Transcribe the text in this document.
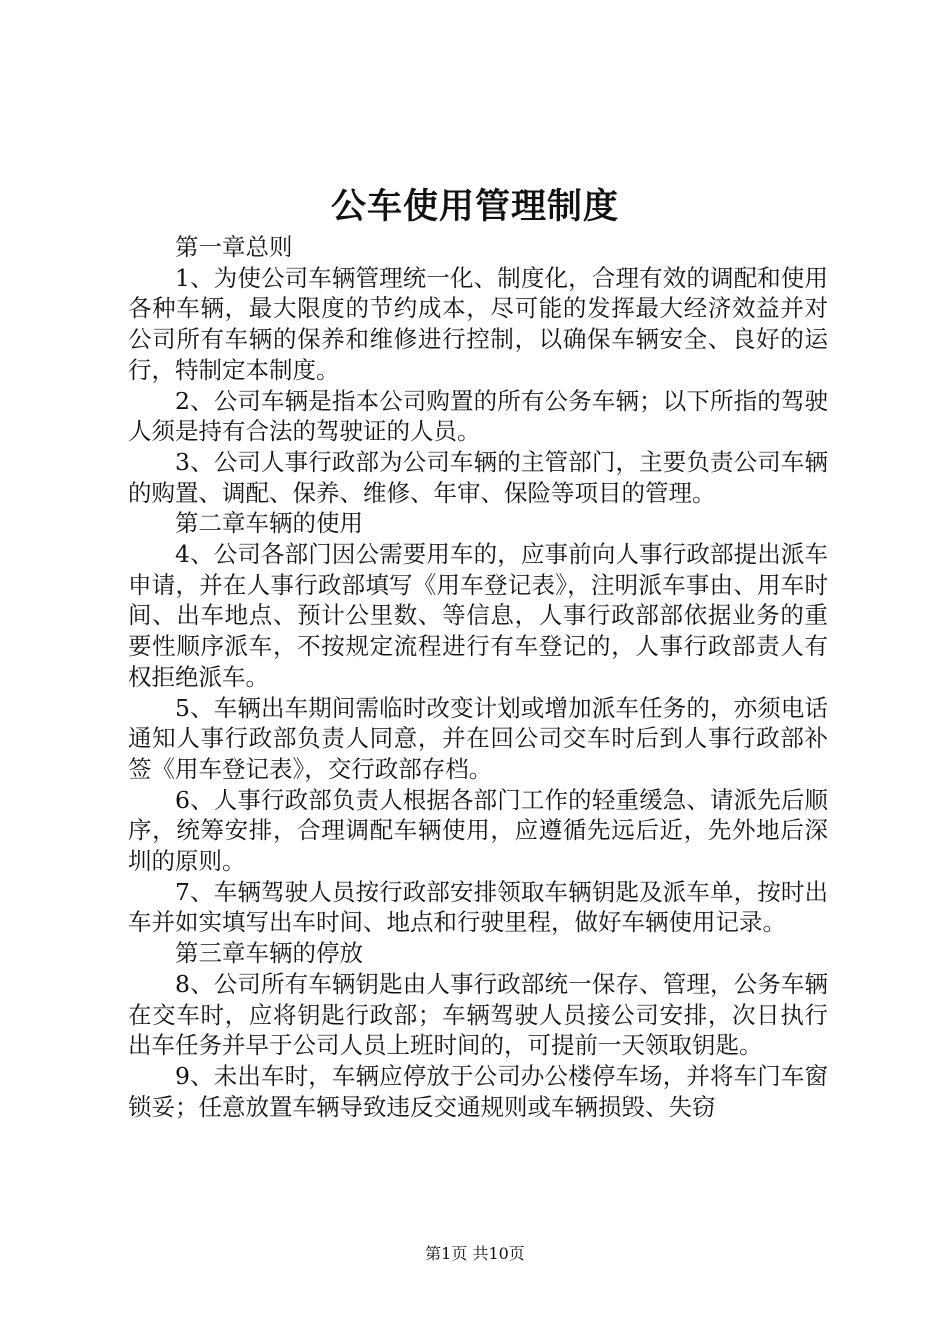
公车使用管理制度

第一章总则

1、为使公司车辆管理统一化、制度化，合理有效的调配和使用各种车辆，最大限度的节约成本，尽可能的发挥最大经济效益并对公司所有车辆的保养和维修进行控制，以确保车辆安全、良好的运行，特制定本制度。

2、公司车辆是指本公司购置的所有公务车辆；以下所指的驾驶人须是持有合法的驾驶证的人员。

3、公司人事行政部为公司车辆的主管部门，主要负责公司车辆的购置、调配、保养、维修、年审、保险等项目的管理。

第二章车辆的使用

4、公司各部门因公需要用车的，应事前向人事行政部提出派车申请，并在人事行政部填写《用车登记表》，注明派车事由、用车时间、出车地点、预计公里数、等信息，人事行政部部依据业务的重要性顺序派车，不按规定流程进行有车登记的，人事行政部责人有权拒绝派车。

5、车辆出车期间需临时改变计划或增加派车任务的，亦须电话通知人事行政部负责人同意，并在回公司交车时后到人事行政部补签《用车登记表》，交行政部存档。

6、人事行政部负责人根据各部门工作的轻重缓急、请派先后顺序，统筹安排，合理调配车辆使用，应遵循先远后近，先外地后深圳的原则。

7、车辆驾驶人员按行政部安排领取车辆钥匙及派车单，按时出车并如实填写出车时间、地点和行驶里程，做好车辆使用记录。

第三章车辆的停放

8、公司所有车辆钥匙由人事行政部统一保存、管理，公务车辆在交车时，应将钥匙行政部；车辆驾驶人员接公司安排，次日执行出车任务并早于公司人员上班时间的，可提前一天领取钥匙。

9、未出车时，车辆应停放于公司办公楼停车场，并将车门车窗锁妥；任意放置车辆导致违反交通规则或车辆损毁、失窃

第1页 共10页
